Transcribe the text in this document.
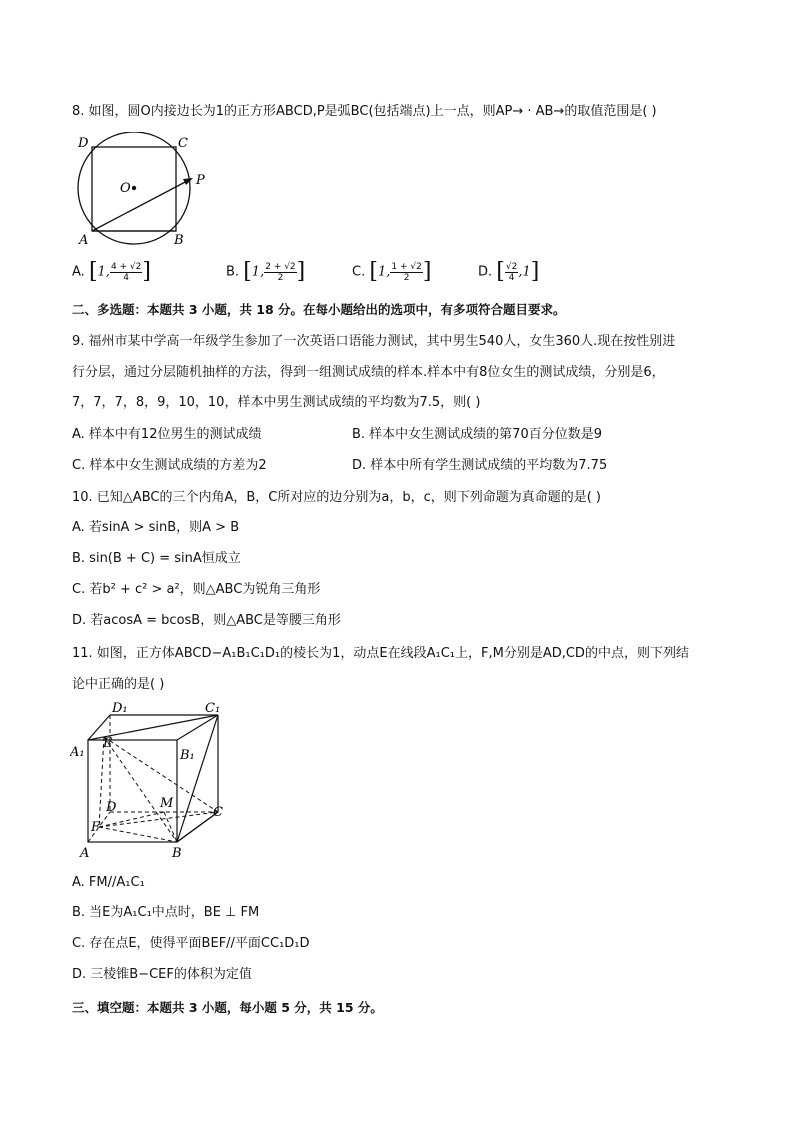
8. 如图，圆O内接边长为1的正方形ABCD,P是弧BC(包括端点)上一点，则AP→ · AB→的取值范围是( )
D	C
O
P
A	B
A. [1, $\frac{4 + √2}{4}$ ]	B. [1, $\frac{2 + √2}{2}$ ]	C. [1, $\frac{1 + √2}{2}$ ]	D. [ $\frac{√2}{4} ,1$]
二、多选题：本题共 3 小题，共 18 分。在每小题给出的选项中，有多项符合题目要求。
9. 福州市某中学高一年级学生参加了一次英语口语能力测试，其中男生540人，女生360人.现在按性别进
行分层，通过分层随机抽样的方法，得到一组测试成绩的样本.样本中有8位女生的测试成绩，分别是6，
7，7，7，8，9，10，10，样本中男生测试成绩的平均数为7.5，则( )
A. 样本中有12位男生的测试成绩	B. 样本中女生测试成绩的第70百分位数是9
C. 样本中女生测试成绩的方差为2	D. 样本中所有学生测试成绩的平均数为7.75
10. 已知△ABC的三个内角A，B，C所对应的边分别为a，b，c，则下列命题为真命题的是( )
A. 若sinA > sinB，则A > B
B. sin(B + C) = sinA恒成立
C. 若b² + c² > a²，则△ABC为锐角三角形
D. 若acosA = bcosB，则△ABC是等腰三角形
11. 如图，正方体ABCD−A₁B₁C₁D₁的棱长为1，动点E在线段A₁C₁上，F,M分别是AD,CD的中点，则下列结
论中正确的是( )
D₁	C₁
A₁
E
B₁
D	M
C
F
A	B
A. FM//A₁C₁
B. 当E为A₁C₁中点时，BE ⊥ FM
C. 存在点E，使得平面BEF//平面CC₁D₁D
D. 三棱锥B−CEF的体积为定值
三、填空题：本题共 3 小题，每小题 5 分，共 15 分。
